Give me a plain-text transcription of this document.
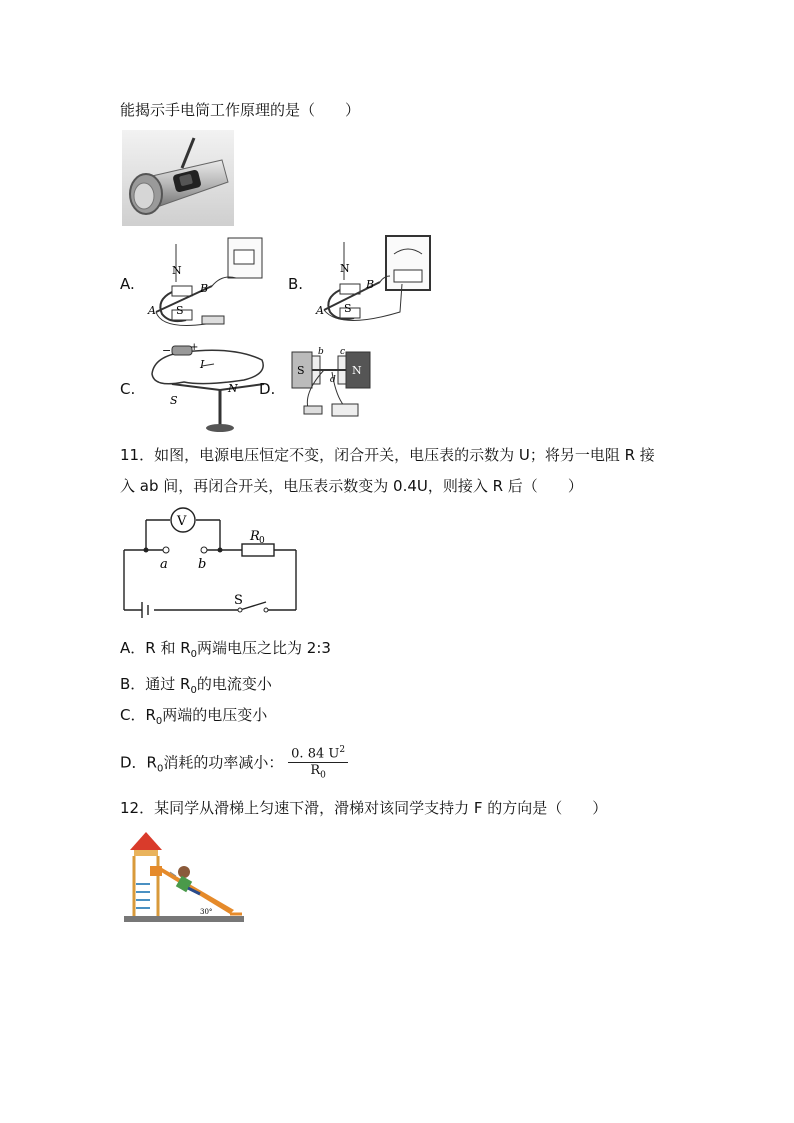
能揭示手电筒工作原理的是（　　）
A.
N
S
A
B	B.
N
S
A
B
C.
− +
I
S
N D.
S	N
b c
d
11．如图，电源电压恒定不变，闭合开关，电压表的示数为 U；将另一电阻 R 接
入 ab 间，再闭合开关，电压表示数变为 0.4U，则接入 R 后（　　）
V
R 0
a b
S
A．R 和 $R_0$两端电压之比为 2:3
B．通过 $R_0$的电流变小
C．$R_0$两端的电压变小
D．$R_0$消耗的功率减小： $\frac{0. 84 U^2}{R_0}$
12．某同学从滑梯上匀速下滑，滑梯对该同学支持力 F 的方向是（　　）
30°
